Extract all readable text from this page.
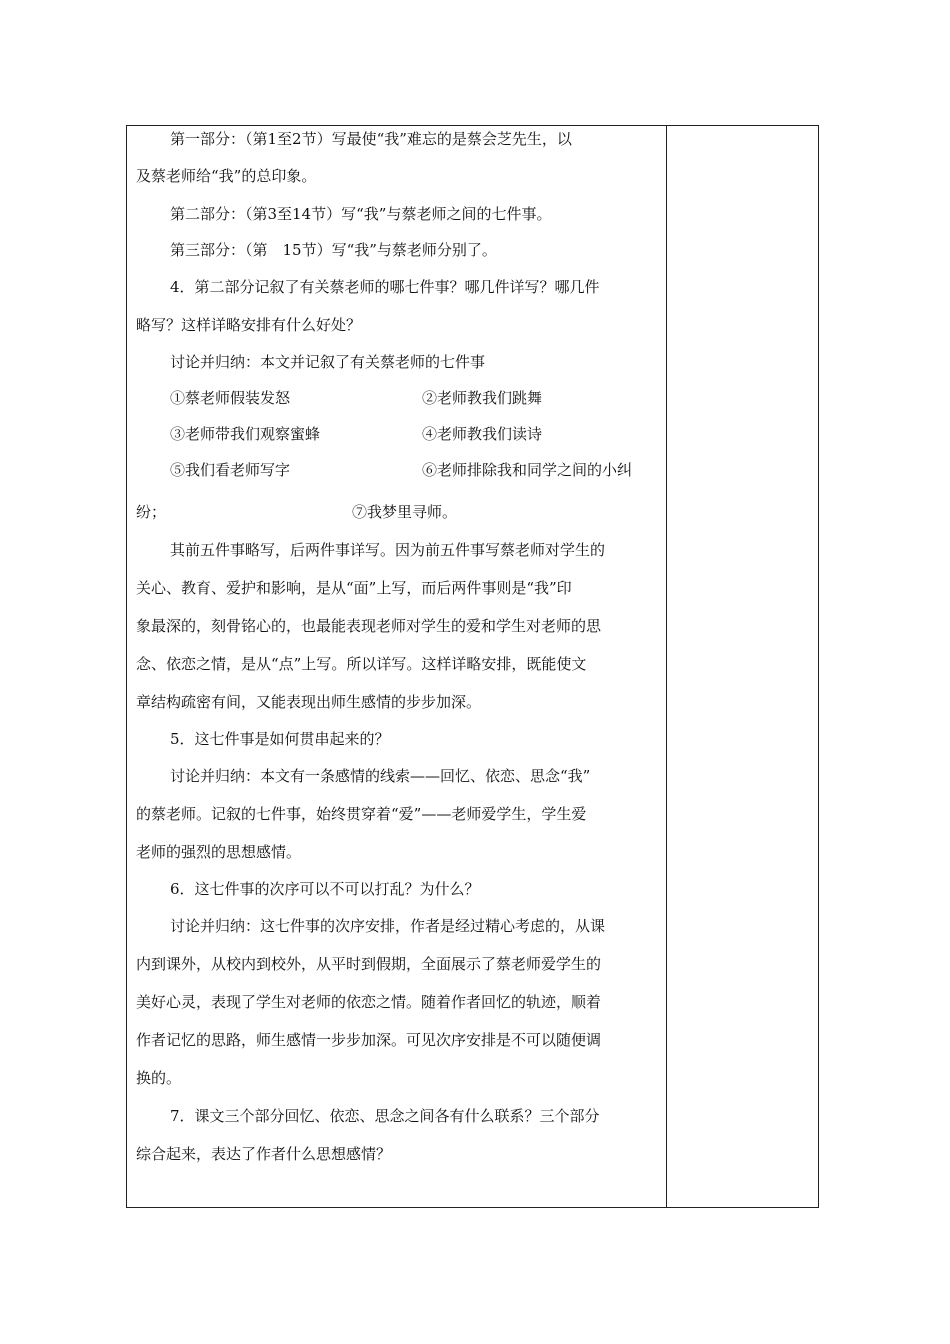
第一部分：（第1至2节）写最使“我”难忘的是蔡会芝先生，以
及蔡老师给“我”的总印象。
第二部分：（第3至14节）写“我”与蔡老师之间的七件事。
第三部分：（第　15节）写“我”与蔡老师分别了。
4．第二部分记叙了有关蔡老师的哪七件事？哪几件详写？哪几件
略写？这样详略安排有什么好处？
讨论并归纳：本文并记叙了有关蔡老师的七件事
①蔡老师假装发怒	②老师教我们跳舞
③老师带我们观察蜜蜂	④老师教我们读诗
⑤我们看老师写字	⑥老师排除我和同学之间的小纠
纷；	⑦我梦里寻师。
其前五件事略写，后两件事详写。因为前五件事写蔡老师对学生的
关心、教育、爱护和影响，是从“面”上写，而后两件事则是“我”印
象最深的，刻骨铭心的，也最能表现老师对学生的爱和学生对老师的思
念、依恋之情，是从“点”上写。所以详写。这样详略安排，既能使文
章结构疏密有间，又能表现出师生感情的步步加深。
5．这七件事是如何贯串起来的？
讨论并归纳：本文有一条感情的线索——回忆、依恋、思念“我”
的蔡老师。记叙的七件事，始终贯穿着“爱”——老师爱学生，学生爱
老师的强烈的思想感情。
6．这七件事的次序可以不可以打乱？为什么？
讨论并归纳：这七件事的次序安排，作者是经过精心考虑的，从课
内到课外，从校内到校外，从平时到假期，全面展示了蔡老师爱学生的
美好心灵，表现了学生对老师的依恋之情。随着作者回忆的轨迹，顺着
作者记忆的思路，师生感情一步步加深。可见次序安排是不可以随便调
换的。
7．课文三个部分回忆、依恋、思念之间各有什么联系？三个部分
综合起来，表达了作者什么思想感情？
